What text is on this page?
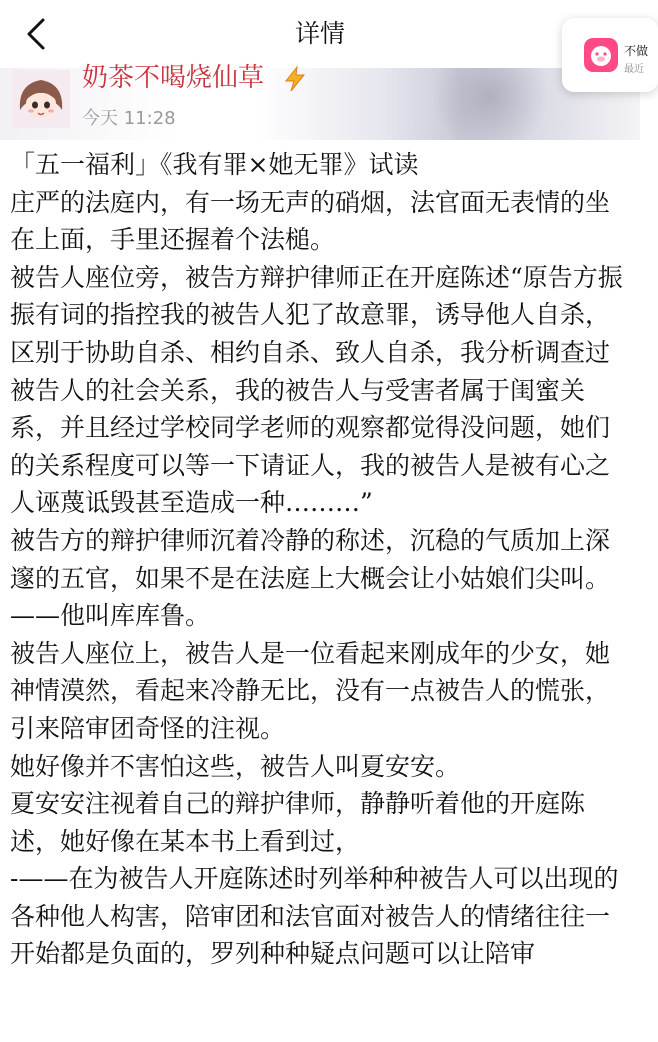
详情
不做
最近
奶茶不喝烧仙草
今天 11:28

「五一福利」《我有罪×她无罪》试读

庄严的法庭内，有一场无声的硝烟，法官面无表情的坐在上面，手里还握着个法槌。

被告人座位旁，被告方辩护律师正在开庭陈述“原告方振振有词的指控我的被告人犯了故意罪，诱导他人自杀，区别于协助自杀、相约自杀、致人自杀，我分析调查过被告人的社会关系，我的被告人与受害者属于闺蜜关系，并且经过学校同学老师的观察都觉得没问题，她们的关系程度可以等一下请证人，我的被告人是被有心之人诬蔑诋毁甚至造成一种………”

被告方的辩护律师沉着冷静的称述，沉稳的气质加上深邃的五官，如果不是在法庭上大概会让小姑娘们尖叫。

——他叫库库鲁。

被告人座位上，被告人是一位看起来刚成年的少女，她神情漠然，看起来冷静无比，没有一点被告人的慌张，引来陪审团奇怪的注视。

她好像并不害怕这些，被告人叫夏安安。

夏安安注视着自己的辩护律师，静静听着他的开庭陈述，她好像在某本书上看到过，

-——在为被告人开庭陈述时列举种种被告人可以出现的各种他人构害，陪审团和法官面对被告人的情绪往往一开始都是负面的，罗列种种疑点问题可以让陪审
